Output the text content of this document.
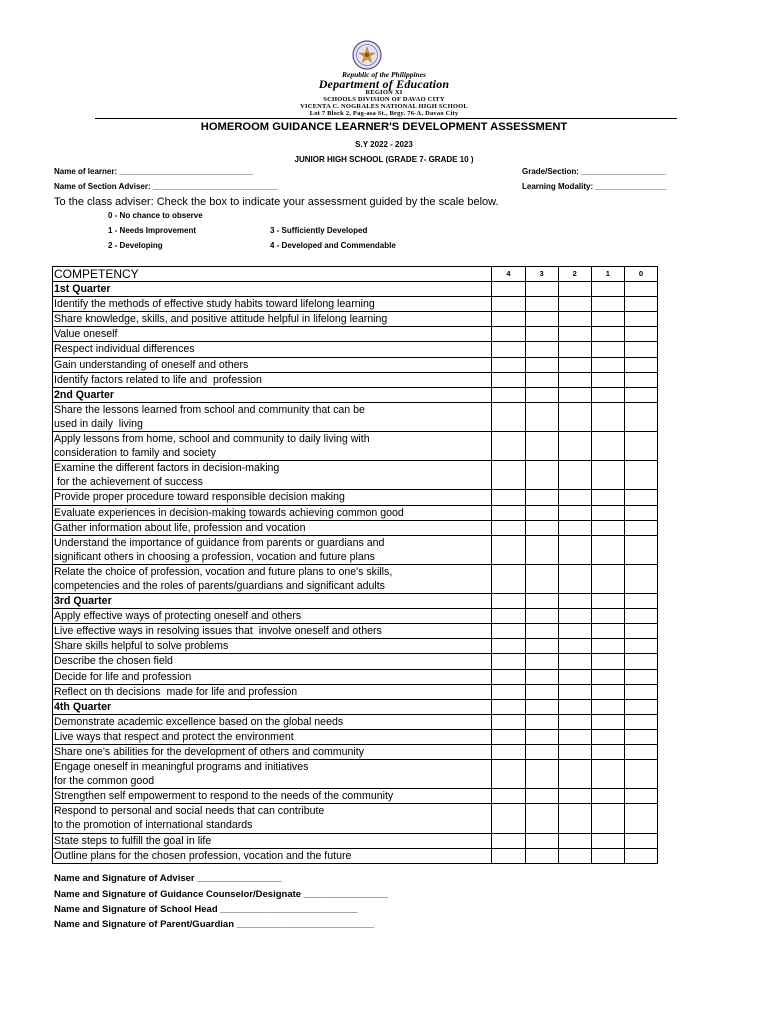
Republic of the Philippines
Department of Education
REGION XI
SCHOOLS DIVISION OF DAVAO CITY
VICENTA C. NOGRALES NATIONAL HIGH SCHOOL
Lot 7 Block 2, Pag-asa St., Brgy. 76-A, Davao City
HOMEROOM GUIDANCE LEARNER'S DEVELOPMENT ASSESSMENT
S.Y 2022 - 2023
JUNIOR HIGH SCHOOL (GRADE 7- GRADE 10 )
Name of learner: ______________________________	Grade/Section: ___________________
Name of Section Adviser: ____________________________	Learning Modality: ________________
To the class adviser: Check the box to indicate your assessment guided by the scale below.
0 - No chance to observe
1 - Needs Improvement	3 - Sufficiently Developed
2 - Developing	4 - Developed and Commendable
COMPETENCY	4	3	2	1	0
1st Quarter					

Identify the methods of effective study habits toward lifelong learning					

Share knowledge, skills, and positive attitude helpful in lifelong learning					

Value oneself					

Respect individual differences					

Gain understanding of oneself and others					

Identify factors related to life and  profession					

2nd Quarter					

Share the lessons learned from school and community that can be
used in daily  living					

Apply lessons from home, school and community to daily living with
consideration to family and society					

Examine the different factors in decision-making
for the achievement of success					

Provide proper procedure toward responsible decision making					

Evaluate experiences in decision-making towards achieving common good					

Gather information about life, profession and vocation					

Understand the importance of guidance from parents or guardians and
significant others in choosing a profession, vocation and future plans					

Relate the choice of profession, vocation and future plans to one's skills,
competencies and the roles of parents/guardians and significant adults					

3rd Quarter					

Apply effective ways of protecting oneself and others					

Live effective ways in resolving issues that  involve oneself and others					

Share skills helpful to solve problems					

Describe the chosen field					

Decide for life and profession					

Reflect on th decisions  made for life and profession					

4th Quarter					

Demonstrate academic excellence based on the global needs					

Live ways that respect and protect the environment					

Share one's abilities for the development of others and community					

Engage oneself in meaningful programs and initiatives
for the common good					

Strengthen self empowerment to respond to the needs of the community					

Respond to personal and social needs that can contribute
to the promotion of international standards					

State steps to fulfill the goal in life					

Outline plans for the chosen profession, vocation and the future					

Name and Signature of Adviser ________________
Name and Signature of Guidance Counselor/Designate ________________
Name and Signature of School Head __________________________
Name and Signature of Parent/Guardian __________________________
